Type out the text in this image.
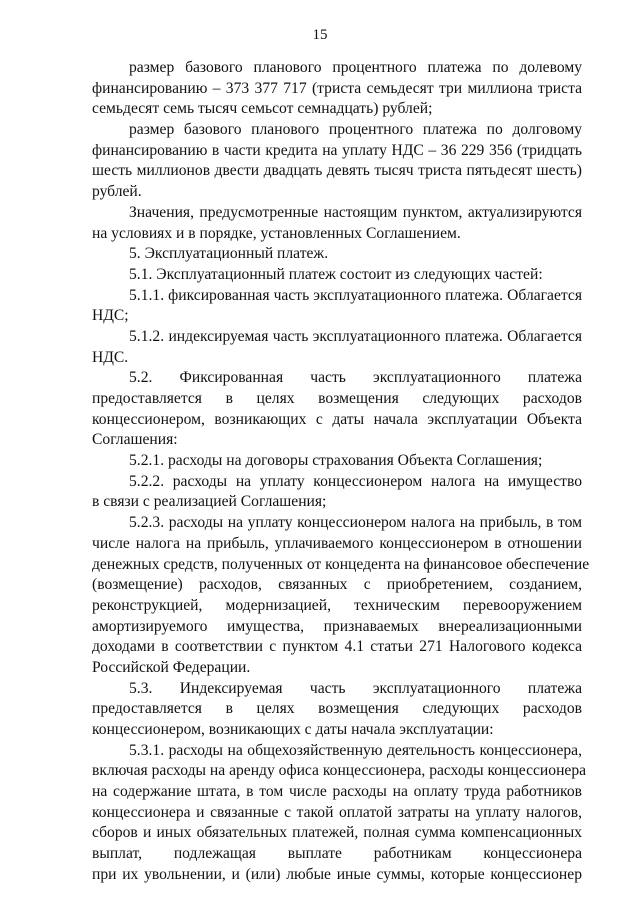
15
размер базового планового процентного платежа по долевому
финансированию – 373 377 717 (триста семьдесят три миллиона триста
семьдесят семь тысяч семьсот семнадцать) рублей;
размер базового планового процентного платежа по долговому
финансированию в части кредита на уплату НДС – 36 229 356 (тридцать
шесть миллионов двести двадцать девять тысяч триста пятьдесят шесть)
рублей.
Значения, предусмотренные настоящим пунктом, актуализируются
на условиях и в порядке, установленных Соглашением.
5. Эксплуатационный платеж.
5.1. Эксплуатационный платеж состоит из следующих частей:
5.1.1. фиксированная часть эксплуатационного платежа. Облагается
НДС;
5.1.2. индексируемая часть эксплуатационного платежа. Облагается
НДС.
5.2. Фиксированная часть эксплуатационного платежа
предоставляется в целях возмещения следующих расходов
концессионером, возникающих с даты начала эксплуатации Объекта
Соглашения:
5.2.1. расходы на договоры страхования Объекта Соглашения;
5.2.2. расходы на уплату концессионером налога на имущество
в связи с реализацией Соглашения;
5.2.3. расходы на уплату концессионером налога на прибыль, в том
числе налога на прибыль, уплачиваемого концессионером в отношении
денежных средств, полученных от концедента на финансовое обеспечение
(возмещение) расходов, связанных с приобретением, созданием,
реконструкцией, модернизацией, техническим перевооружением
амортизируемого имущества, признаваемых внереализационными
доходами в соответствии с пунктом 4.1 статьи 271 Налогового кодекса
Российской Федерации.
5.3. Индексируемая часть эксплуатационного платежа
предоставляется в целях возмещения следующих расходов
концессионером, возникающих с даты начала эксплуатации:
5.3.1. расходы на общехозяйственную деятельность концессионера,
включая расходы на аренду офиса концессионера, расходы концессионера
на содержание штата, в том числе расходы на оплату труда работников
концессионера и связанные с такой оплатой затраты на уплату налогов,
сборов и иных обязательных платежей, полная сумма компенсационных
выплат, подлежащая выплате работникам концессионера
при их увольнении, и (или) любые иные суммы, которые концессионер
